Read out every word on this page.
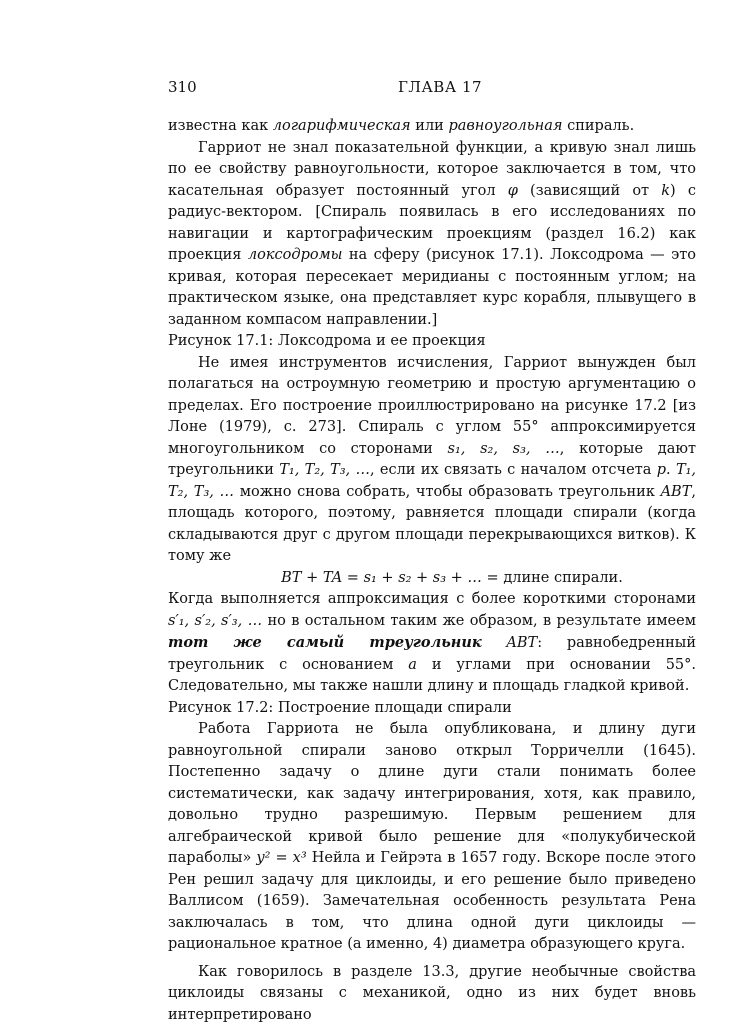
310	ГЛАВА 17

известна как логарифмическая или равноугольная спираль.

Гарриот не знал показательной функции, а кривую знал лишь по ее свойству равноугольности, которое заключается в том, что касательная образует постоянный угол φ (зависящий от k) с радиус-вектором. [Спираль появилась в его исследованиях по навигации и картографическим проекциям (раздел 16.2) как проекция локсодромы на сферу (рисунок 17.1). Локсодрома — это кривая, которая пересекает меридианы с постоянным углом; на практическом языке, она представляет курс корабля, плывущего в заданном компасом направлении.]

Рисунок 17.1: Локсодрома и ее проекция

Не имея инструментов исчисления, Гарриот вынужден был полагаться на остроумную геометрию и простую аргументацию о пределах. Его построение проиллюстрировано на рисунке 17.2 [из Лоне (1979), с. 273]. Спираль с углом 55° аппроксимируется многоугольником со сторонами s₁, s₂, s₃, …, которые дают треугольники T₁, T₂, T₃, …, если их связать с началом отсчета p. T₁, T₂, T₃, … можно снова собрать, чтобы образовать треугольник ABT, площадь которого, поэтому, равняется площади спирали (когда складываются друг с другом площади перекрывающихся витков). К тому же

BT + TA = s₁ + s₂ + s₃ + … = длине спирали.

Когда выполняется аппроксимация с более короткими сторонами s′₁, s′₂, s′₃, … но в остальном таким же образом, в результате имеем тот же самый треугольник ABT: равнобедренный треугольник с основанием a и углами при основании 55°. Следовательно, мы также нашли длину и площадь гладкой кривой.

Рисунок 17.2: Построение площади спирали

Работа Гарриота не была опубликована, и длину дуги равноугольной спирали заново открыл Торричелли (1645). Постепенно задачу о длине дуги стали понимать более систематически, как задачу интегрирования, хотя, как правило, довольно трудно разрешимую. Первым решением для алгебраической кривой было решение для «полукубической параболы» y² = x³ Нейла и Гейрэта в 1657 году. Вскоре после этого Рен решил задачу для циклоиды, и его решение было приведено Валлисом (1659). Замечательная особенность результата Рена заключалась в том, что длина одной дуги циклоиды — рациональное кратное (а именно, 4) диаметра образующего круга.

Как говорилось в разделе 13.3, другие необычные свойства циклоиды связаны с механикой, одно из них будет вновь интерпретировано
